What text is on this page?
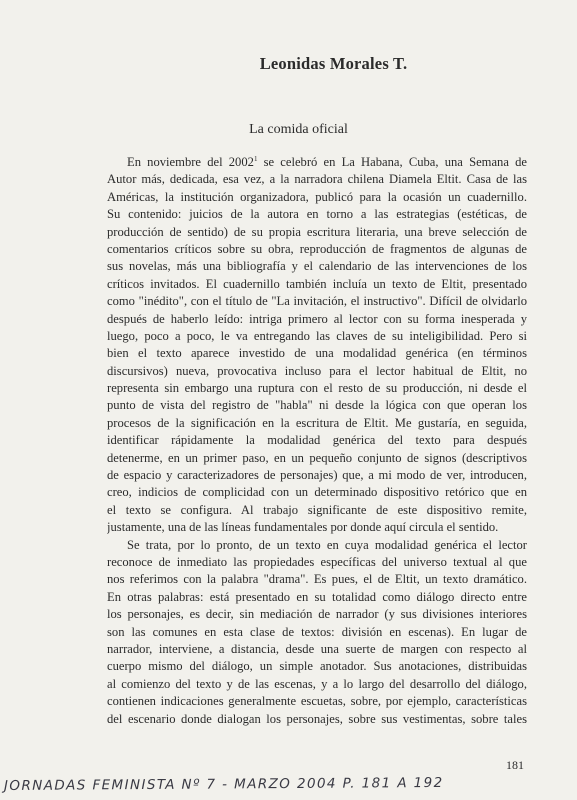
Leonidas Morales T.
La comida oficial
En noviembre del 2002$^1$ se celebró en La Habana, Cuba, una Semana de
Autor más, dedicada, esa vez, a la narradora chilena Diamela Eltit. Casa de las
Américas, la institución organizadora, publicó para la ocasión un cuadernillo.
Su contenido: juicios de la autora en torno a las estrategias (estéticas, de
producción de sentido) de su propia escritura literaria, una breve selección de
comentarios críticos sobre su obra, reproducción de fragmentos de algunas de
sus novelas, más una bibliografía y el calendario de las intervenciones de los
críticos invitados. El cuadernillo también incluía un texto de Eltit, presentado
como "inédito", con el título de "La invitación, el instructivo". Difícil de olvidarlo
después de haberlo leído: intriga primero al lector con su forma inesperada y
luego, poco a poco, le va entregando las claves de su inteligibilidad. Pero si
bien el texto aparece investido de una modalidad genérica (en términos
discursivos) nueva, provocativa incluso para el lector habitual de Eltit, no
representa sin embargo una ruptura con el resto de su producción, ni desde el
punto de vista del registro de "habla" ni desde la lógica con que operan los
procesos de la significación en la escritura de Eltit. Me gustaría, en seguida,
identificar rápidamente la modalidad genérica del texto para después
detenerme, en un primer paso, en un pequeño conjunto de signos (descriptivos
de espacio y caracterizadores de personajes) que, a mi modo de ver, introducen,
creo, indicios de complicidad con un determinado dispositivo retórico que en
el texto se configura. Al trabajo significante de este dispositivo remite,
justamente, una de las líneas fundamentales por donde aquí circula el sentido.
Se trata, por lo pronto, de un texto en cuya modalidad genérica el lector
reconoce de inmediato las propiedades específicas del universo textual al que
nos referimos con la palabra "drama". Es pues, el de Eltit, un texto dramático.
En otras palabras: está presentado en su totalidad como diálogo directo entre
los personajes, es decir, sin mediación de narrador (y sus divisiones interiores
son las comunes en esta clase de textos: división en escenas). En lugar de
narrador, interviene, a distancia, desde una suerte de margen con respecto al
cuerpo mismo del diálogo, un simple anotador. Sus anotaciones, distribuidas
al comienzo del texto y de las escenas, y a lo largo del desarrollo del diálogo,
contienen indicaciones generalmente escuetas, sobre, por ejemplo, características
del escenario donde dialogan los personajes, sobre sus vestimentas, sobre tales
181
JORNADAS FEMINISTA Nº 7 - MARZO 2004 P. 181 A 192
